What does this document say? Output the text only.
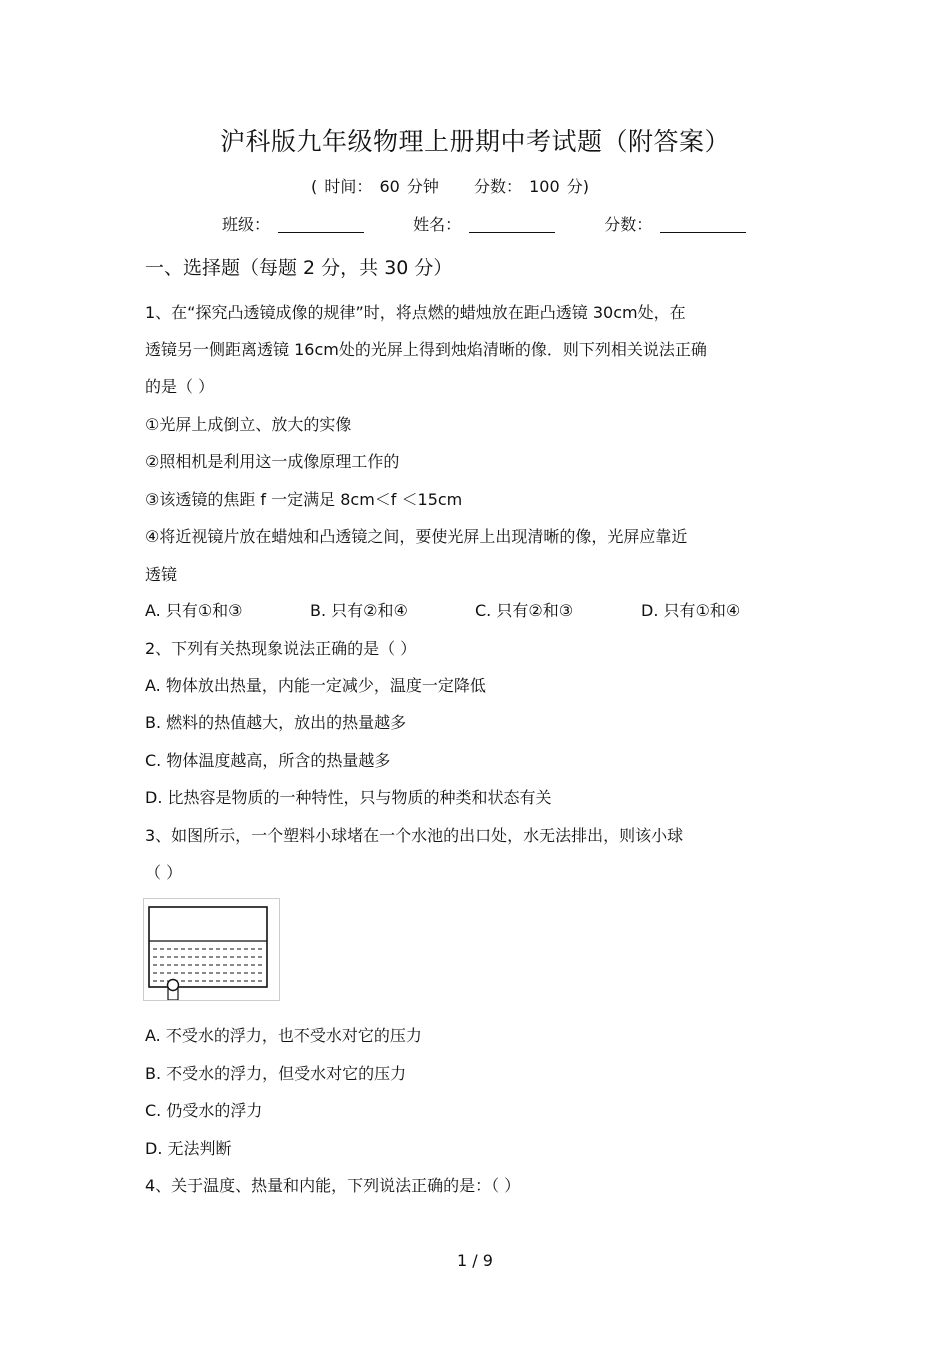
沪科版九年级物理上册期中考试题（附答案）
( 时间： 60 分钟 分数： 100 分)
班级：	姓名：	分数：
一、选择题（每题 2 分，共 30 分）
1、在“探究凸透镜成像的规律”时，将点燃的蜡烛放在距凸透镜 30cm处，在
透镜另一侧距离透镜 16cm处的光屏上得到烛焰清晰的像．则下列相关说法正确
的是（ ）
①光屏上成倒立、放大的实像
②照相机是利用这一成像原理工作的
③该透镜的焦距 f 一定满足 8cm＜f ＜15cm
④将近视镜片放在蜡烛和凸透镜之间，要使光屏上出现清晰的像，光屏应靠近
透镜
A. 只有①和③	B. 只有②和④	C. 只有②和③	D. 只有①和④
2、下列有关热现象说法正确的是（ ）
A. 物体放出热量，内能一定减少，温度一定降低
B. 燃料的热值越大，放出的热量越多
C. 物体温度越高，所含的热量越多
D. 比热容是物质的一种特性，只与物质的种类和状态有关
3、如图所示，一个塑料小球堵在一个水池的出口处，水无法排出，则该小球
（ ）
A. 不受水的浮力，也不受水对它的压力
B. 不受水的浮力，但受水对它的压力
C. 仍受水的浮力
D. 无法判断
4、关于温度、热量和内能，下列说法正确的是：（ ）
1 / 9
